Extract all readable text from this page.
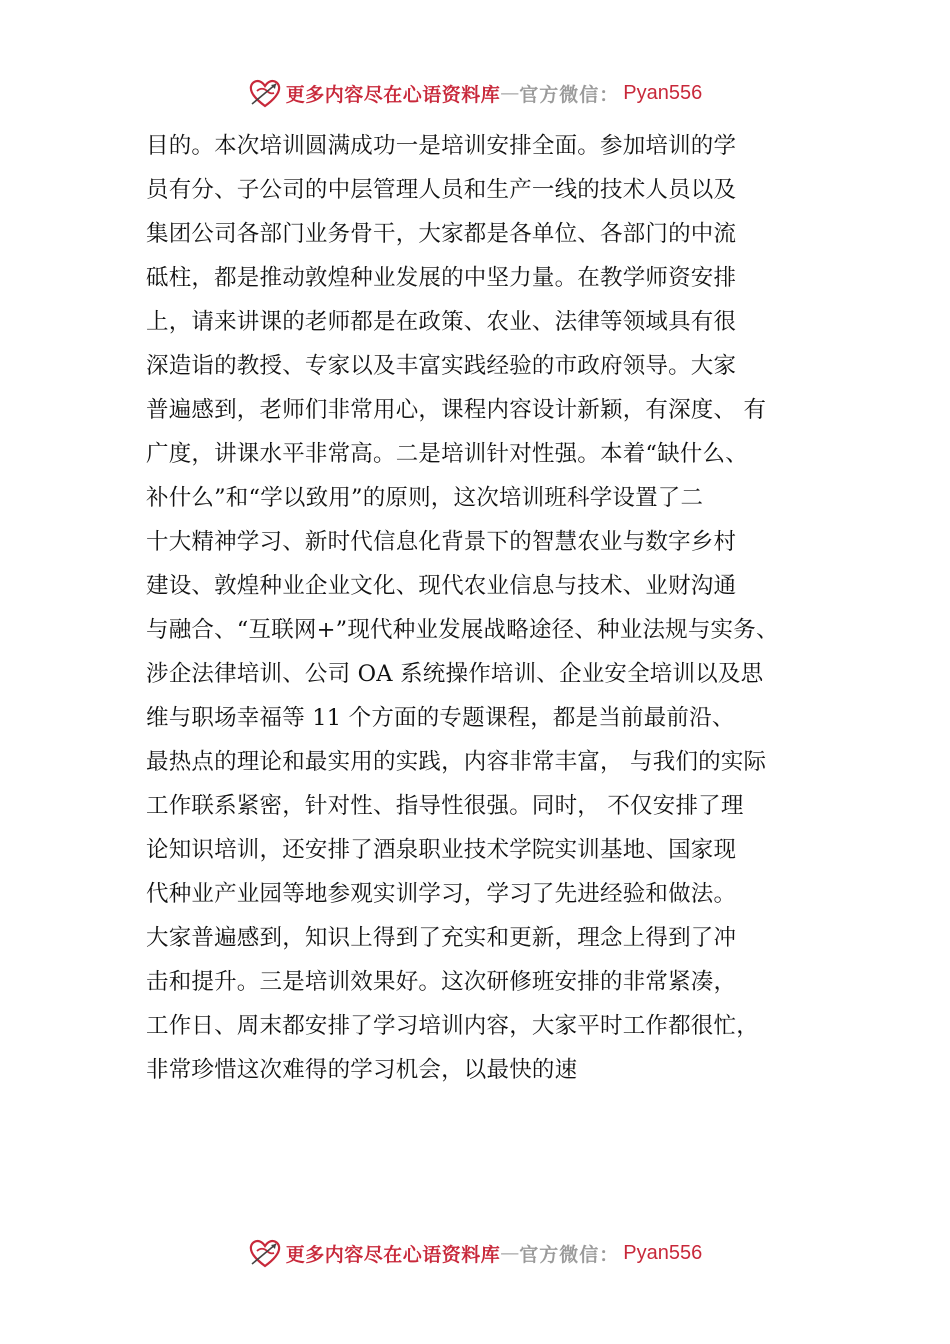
更多内容尽在心语资料库 — 官方微信： Pyan556
目的。本次培训圆满成功一是培训安排全面。参加培训的学
员有分、子公司的中层管理人员和生产一线的技术人员以及
集团公司各部门业务骨干，大家都是各单位、各部门的中流
砥柱，都是推动敦煌种业发展的中坚力量。在教学师资安排
上，请来讲课的老师都是在政策、农业、法律等领域具有很
深造诣的教授、专家以及丰富实践经验的市政府领导。大家
普遍感到，老师们非常用心，课程内容设计新颖，有深度、 有
广度，讲课水平非常高。二是培训针对性强。本着“缺什么、
补什么”和“学以致用”的原则，这次培训班科学设置了二
十大精神学习、新时代信息化背景下的智慧农业与数字乡村
建设、敦煌种业企业文化、现代农业信息与技术、业财沟通
与融合、“互联网+”现代种业发展战略途径、种业法规与实务、
涉企法律培训、公司 OA 系统操作培训、企业安全培训以及思
维与职场幸福等 11 个方面的专题课程，都是当前最前沿、
最热点的理论和最实用的实践，内容非常丰富， 与我们的实际
工作联系紧密，针对性、指导性很强。同时， 不仅安排了理
论知识培训，还安排了酒泉职业技术学院实训基地、国家现
代种业产业园等地参观实训学习，学习了先进经验和做法。
大家普遍感到，知识上得到了充实和更新，理念上得到了冲
击和提升。三是培训效果好。这次研修班安排的非常紧凑，
工作日、周末都安排了学习培训内容，大家平时工作都很忙，
非常珍惜这次难得的学习机会，以最快的速
更多内容尽在心语资料库 — 官方微信： Pyan556
